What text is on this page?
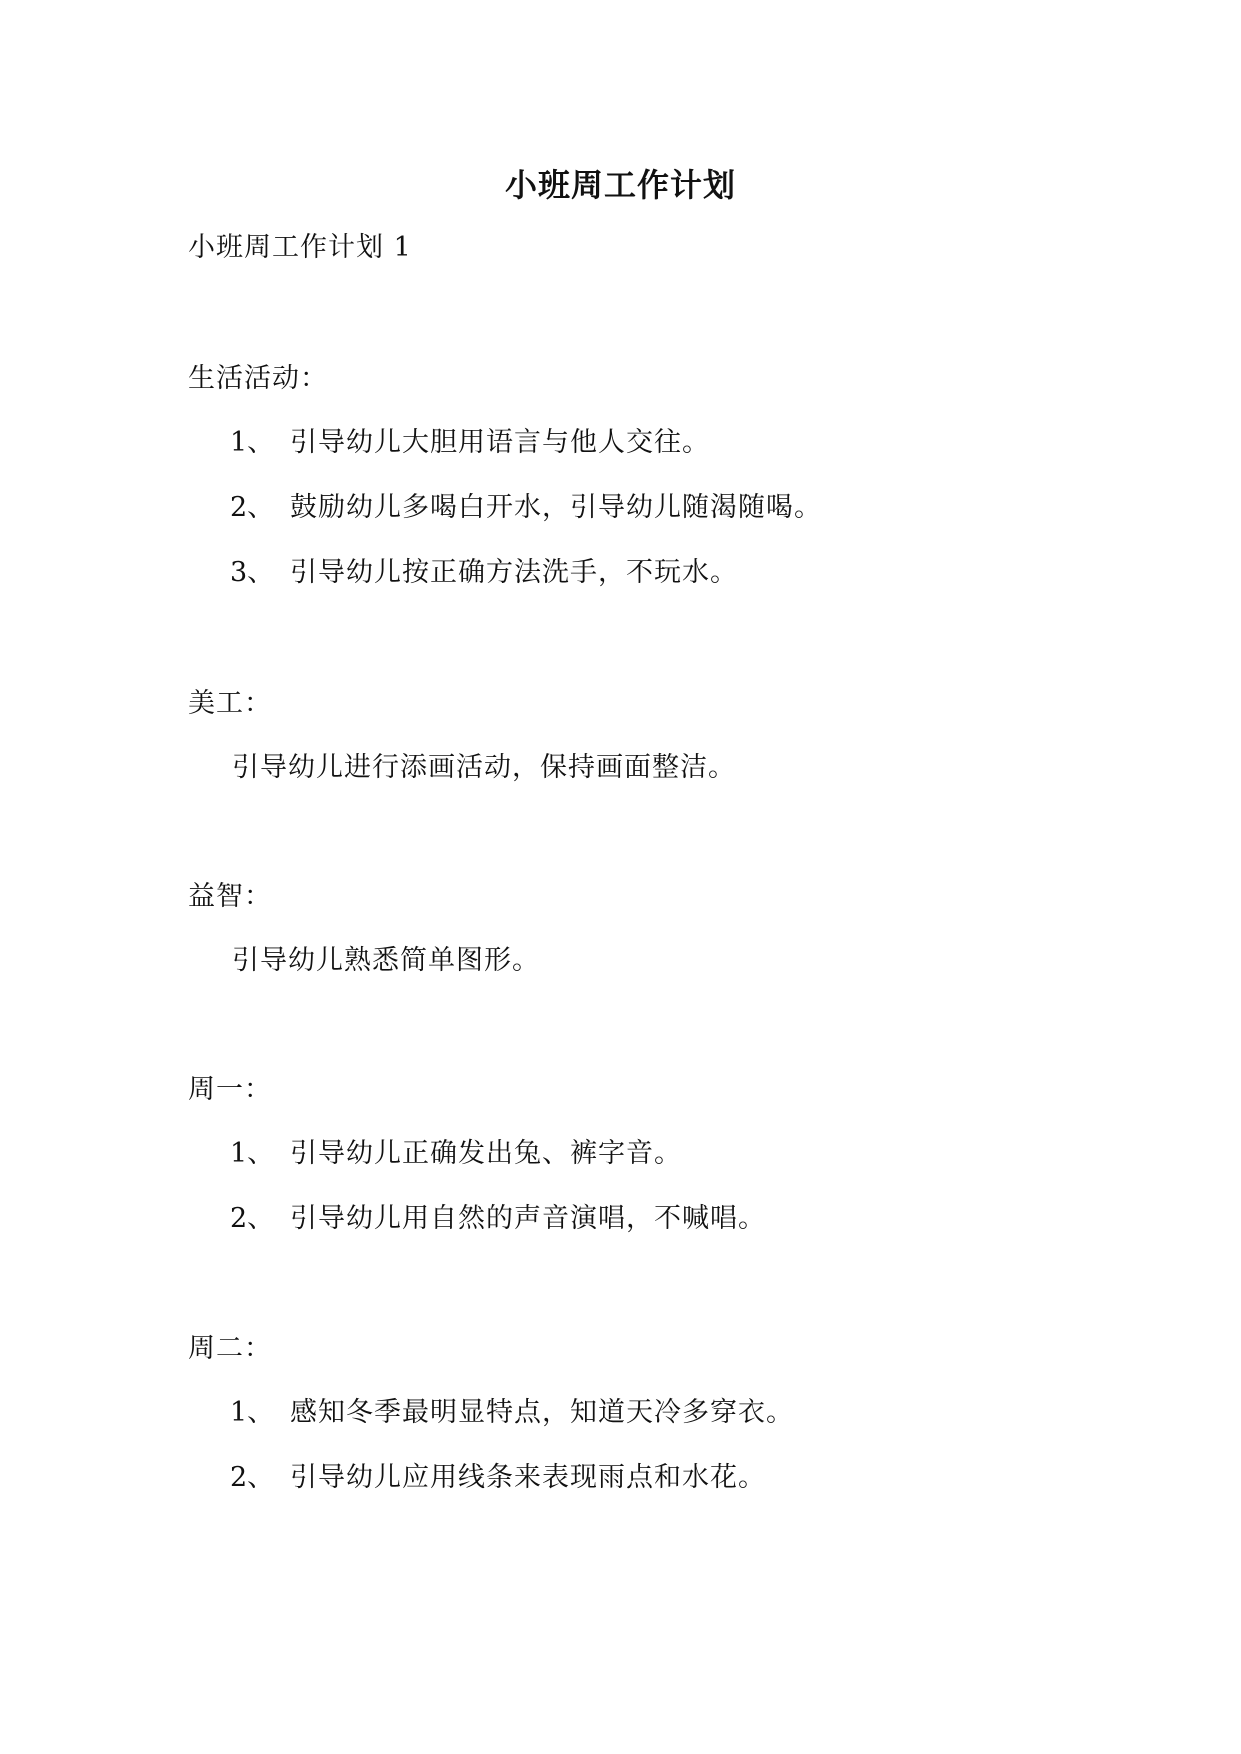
小班周工作计划
小班周工作计划 1
生活活动：
1、 引导幼儿大胆用语言与他人交往。
2、 鼓励幼儿多喝白开水，引导幼儿随渴随喝。
3、 引导幼儿按正确方法洗手，不玩水。
美工：
引导幼儿进行添画活动，保持画面整洁。
益智：
引导幼儿熟悉简单图形。
周一：
1、 引导幼儿正确发出兔、裤字音。
2、 引导幼儿用自然的声音演唱，不喊唱。
周二：
1、 感知冬季最明显特点，知道天冷多穿衣。
2、 引导幼儿应用线条来表现雨点和水花。
